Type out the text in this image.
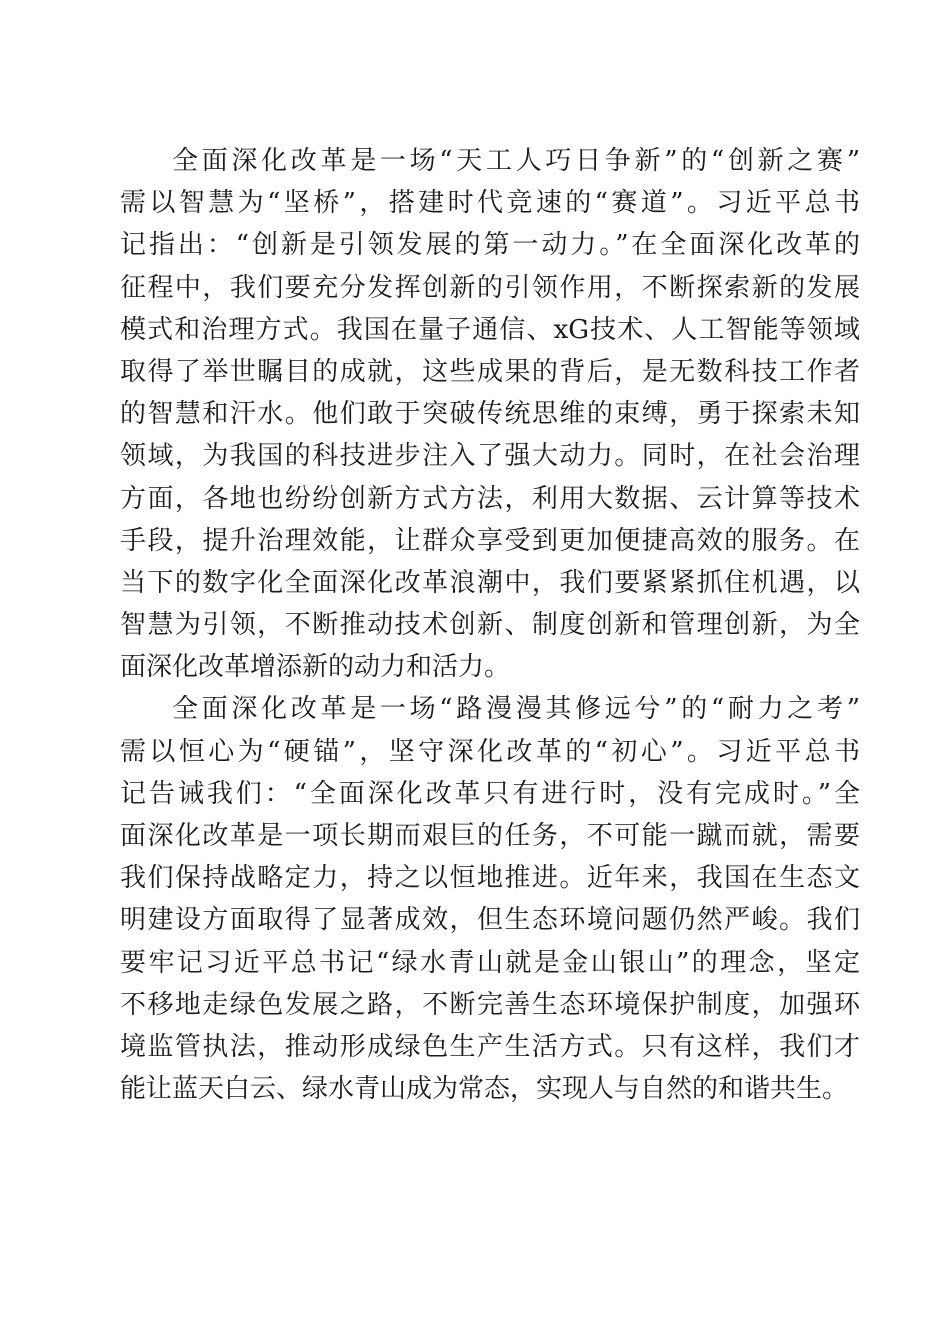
全面深化改革是一场“天工人巧日争新”的“创新之赛”
需以智慧为“坚桥”，搭建时代竞速的“赛道”。习近平总书
记指出：“创新是引领发展的第一动力。”在全面深化改革的
征程中，我们要充分发挥创新的引领作用，不断探索新的发展
模式和治理方式。我国在量子通信、xG技术、人工智能等领域
取得了举世瞩目的成就，这些成果的背后，是无数科技工作者
的智慧和汗水。他们敢于突破传统思维的束缚，勇于探索未知
领域，为我国的科技进步注入了强大动力。同时，在社会治理
方面，各地也纷纷创新方式方法，利用大数据、云计算等技术
手段，提升治理效能，让群众享受到更加便捷高效的服务。在
当下的数字化全面深化改革浪潮中，我们要紧紧抓住机遇，以
智慧为引领，不断推动技术创新、制度创新和管理创新，为全
面深化改革增添新的动力和活力。
全面深化改革是一场“路漫漫其修远兮”的“耐力之考”
需以恒心为“硬锚”，坚守深化改革的“初心”。习近平总书
记告诫我们：“全面深化改革只有进行时，没有完成时。”全
面深化改革是一项长期而艰巨的任务，不可能一蹴而就，需要
我们保持战略定力，持之以恒地推进。近年来，我国在生态文
明建设方面取得了显著成效，但生态环境问题仍然严峻。我们
要牢记习近平总书记“绿水青山就是金山银山”的理念，坚定
不移地走绿色发展之路，不断完善生态环境保护制度，加强环
境监管执法，推动形成绿色生产生活方式。只有这样，我们才
能让蓝天白云、绿水青山成为常态，实现人与自然的和谐共生。
